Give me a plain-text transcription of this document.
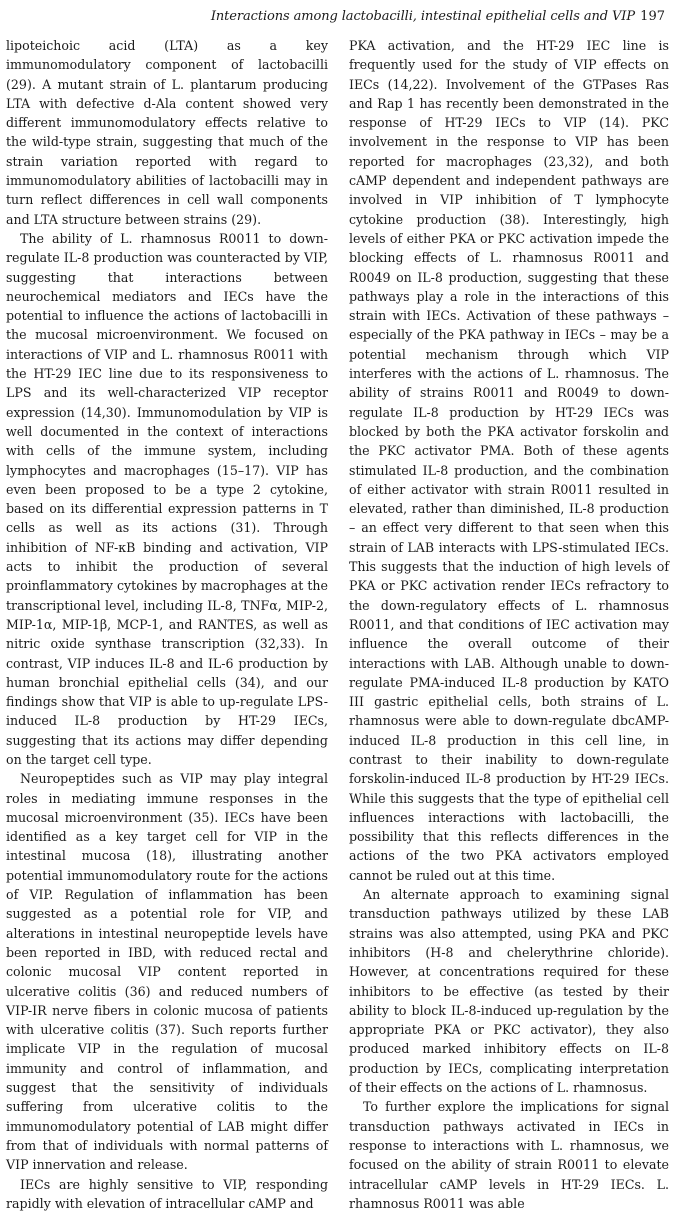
Interactions among lactobacilli, intestinal epithelial cells and VIP 197

lipoteichoic acid (LTA) as a key immunomodulatory component of lactobacilli (29). A mutant strain of L. plantarum producing LTA with defective d-Ala content showed very different immunomodulatory effects relative to the wild-type strain, suggesting that much of the strain variation reported with regard to immunomodulatory abilities of lactobacilli may in turn reflect differences in cell wall components and LTA structure between strains (29).

The ability of L. rhamnosus R0011 to down-regulate IL-8 production was counteracted by VIP, suggesting that interactions between neurochemical mediators and IECs have the potential to influence the actions of lactobacilli in the mucosal microenvironment. We focused on interactions of VIP and L. rhamnosus R0011 with the HT-29 IEC line due to its responsiveness to LPS and its well-characterized VIP receptor expression (14,30). Immunomodulation by VIP is well documented in the context of interactions with cells of the immune system, including lymphocytes and macrophages (15–17). VIP has even been proposed to be a type 2 cytokine, based on its differential expression patterns in T cells as well as its actions (31). Through inhibition of NF-κB binding and activation, VIP acts to inhibit the production of several proinflammatory cytokines by macrophages at the transcriptional level, including IL-8, TNFα, MIP-2, MIP-1α, MIP-1β, MCP-1, and RANTES, as well as nitric oxide synthase transcription (32,33). In contrast, VIP induces IL-8 and IL-6 production by human bronchial epithelial cells (34), and our findings show that VIP is able to up-regulate LPS-induced IL-8 production by HT-29 IECs, suggesting that its actions may differ depending on the target cell type.

Neuropeptides such as VIP may play integral roles in mediating immune responses in the mucosal microenvironment (35). IECs have been identified as a key target cell for VIP in the intestinal mucosa (18), illustrating another potential immunomodulatory route for the actions of VIP. Regulation of inflammation has been suggested as a potential role for VIP, and alterations in intestinal neuropeptide levels have been reported in IBD, with reduced rectal and colonic mucosal VIP content reported in ulcerative colitis (36) and reduced numbers of VIP-IR nerve fibers in colonic mucosa of patients with ulcerative colitis (37). Such reports further implicate VIP in the regulation of mucosal immunity and control of inflammation, and suggest that the sensitivity of individuals suffering from ulcerative colitis to the immunomodulatory potential of LAB might differ from that of individuals with normal patterns of VIP innervation and release.

IECs are highly sensitive to VIP, responding rapidly with elevation of intracellular cAMP and

PKA activation, and the HT-29 IEC line is frequently used for the study of VIP effects on IECs (14,22). Involvement of the GTPases Ras and Rap 1 has recently been demonstrated in the response of HT-29 IECs to VIP (14). PKC involvement in the response to VIP has been reported for macrophages (23,32), and both cAMP dependent and independent pathways are involved in VIP inhibition of T lymphocyte cytokine production (38). Interestingly, high levels of either PKA or PKC activation impede the blocking effects of L. rhamnosus R0011 and R0049 on IL-8 production, suggesting that these pathways play a role in the interactions of this strain with IECs. Activation of these pathways – especially of the PKA pathway in IECs – may be a potential mechanism through which VIP interferes with the actions of L. rhamnosus. The ability of strains R0011 and R0049 to down-regulate IL-8 production by HT-29 IECs was blocked by both the PKA activator forskolin and the PKC activator PMA. Both of these agents stimulated IL-8 production, and the combination of either activator with strain R0011 resulted in elevated, rather than diminished, IL-8 production – an effect very different to that seen when this strain of LAB interacts with LPS-stimulated IECs. This suggests that the induction of high levels of PKA or PKC activation render IECs refractory to the down-regulatory effects of L. rhamnosus R0011, and that conditions of IEC activation may influence the overall outcome of their interactions with LAB. Although unable to down-regulate PMA-induced IL-8 production by KATO III gastric epithelial cells, both strains of L. rhamnosus were able to down-regulate dbcAMP-induced IL-8 production in this cell line, in contrast to their inability to down-regulate forskolin-induced IL-8 production by HT-29 IECs. While this suggests that the type of epithelial cell influences interactions with lactobacilli, the possibility that this reflects differences in the actions of the two PKA activators employed cannot be ruled out at this time.

An alternate approach to examining signal transduction pathways utilized by these LAB strains was also attempted, using PKA and PKC inhibitors (H-8 and chelerythrine chloride). However, at concentrations required for these inhibitors to be effective (as tested by their ability to block IL-8-induced up-regulation by the appropriate PKA or PKC activator), they also produced marked inhibitory effects on IL-8 production by IECs, complicating interpretation of their effects on the actions of L. rhamnosus.

To further explore the implications for signal transduction pathways activated in IECs in response to interactions with L. rhamnosus, we focused on the ability of strain R0011 to elevate intracellular cAMP levels in HT-29 IECs. L. rhamnosus R0011 was able
